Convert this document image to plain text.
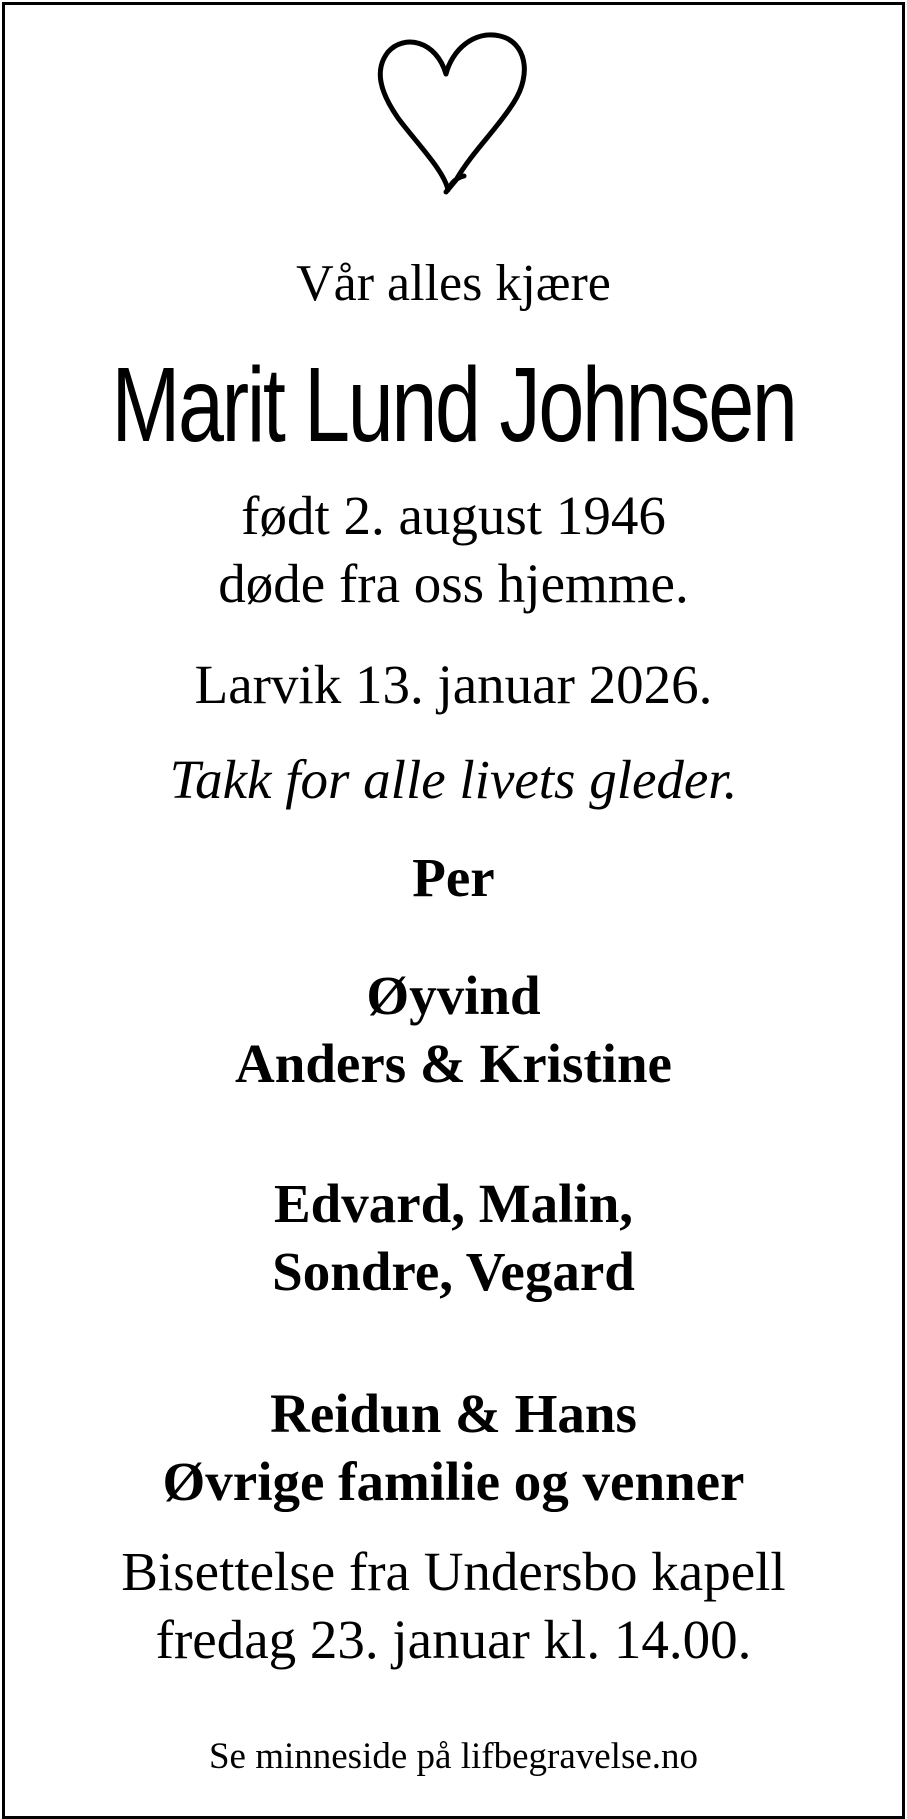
Vår alles kjære
Marit Lund Johnsen
født 2. august 1946
døde fra oss hjemme.
Larvik 13. januar 2026.
Takk for alle livets gleder.
Per
Øyvind
Anders & Kristine
Edvard, Malin,
Sondre, Vegard
Reidun & Hans
Øvrige familie og venner
Bisettelse fra Undersbo kapell
fredag 23. januar kl. 14.00.
Se minneside på lifbegravelse.no
